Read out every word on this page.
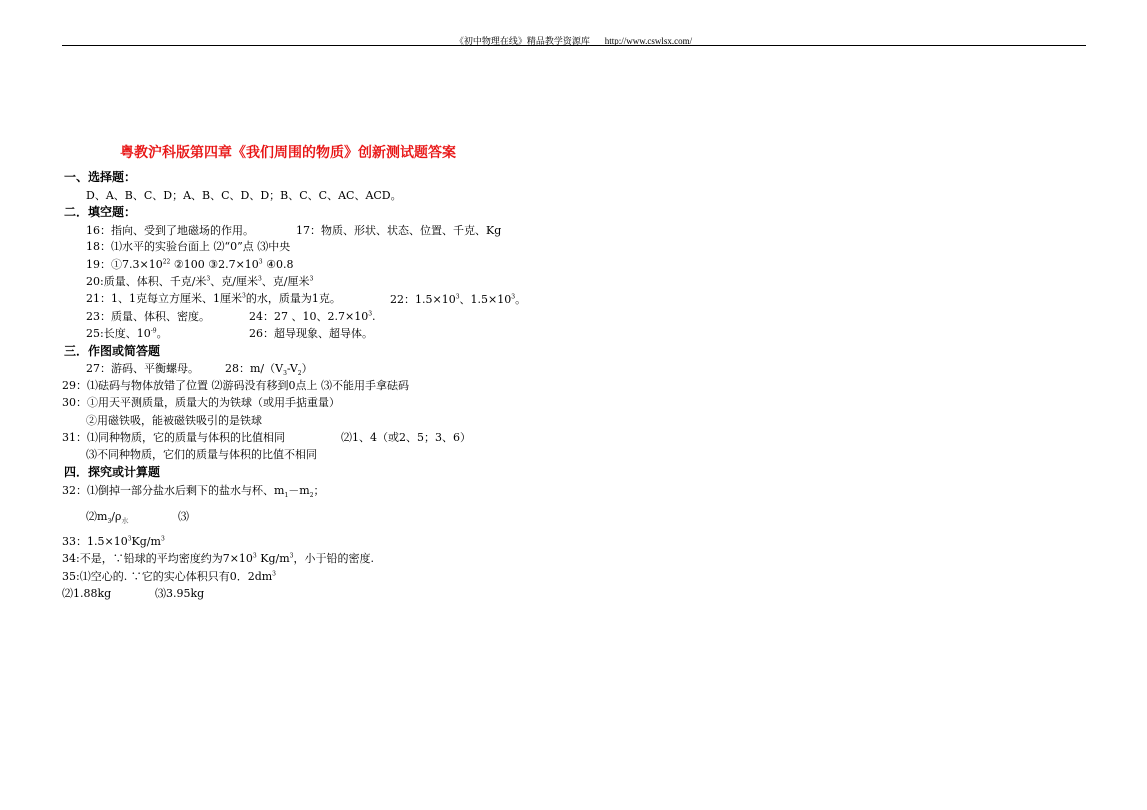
《初中物理在线》精品教学资源库 http://www.cswlsx.com/
粤教沪科版第四章《我们周围的物质》创新测试题答案
一、选择题：
D、A、B、C、D；A、B、C、D、D；B、C、C、AC、ACD。
二．填空题：
16：指向、受到了地磁场的作用。	17：物质、形状、状态、位置、千克、Kg
18：⑴水平的实验台面上 ⑵“0”点 ⑶中央
19：$①7.3\times 10^{22}$ ②100 $③2.7\times 10^3$ ④0.8
20:质量、体积、千克/米$^3$、克/厘米$^3$、克/厘米$^3$
21：1、1克每立方厘米、1厘米$^3$的水，质量为1克。	22：$1.5\times 10^3$、$1.5\times 10^3$。
23：质量、体积、密度。	24：27 、10、$2.7\times 10^3$.
25:长度、$10^{-9}$。	26：超导现象、超导体。
三．作图或简答题
27：游码、平衡螺母。 28：$m/(V_3-V_2)$
29：⑴砝码与物体放错了位置 ⑵游码没有移到0点上 ⑶不能用手拿砝码
30：①用天平测质量，质量大的为铁球（或用手掂重量）
②用磁铁吸，能被磁铁吸引的是铁球
31：⑴同种物质，它的质量与体积的比值相同	⑵1、4（或2、5；3、6）
⑶不同种物质，它们的质量与体积的比值不相同
四．探究或计算题
32：⑴倒掉一部分盐水后剩下的盐水与杯、$m_1-m_2$；
$⑵m_3/\rho_水$	⑶
33：$1.5\times 10^3Kg/m^3$
34:不是，∵铅球的平均密度约为$7\times 10^3$ $Kg/m^3$，小于铅的密度.
35:⑴空心的. ∵它的实心体积只有0．$2dm^3$
⑵1.88kg	⑶3.95kg
